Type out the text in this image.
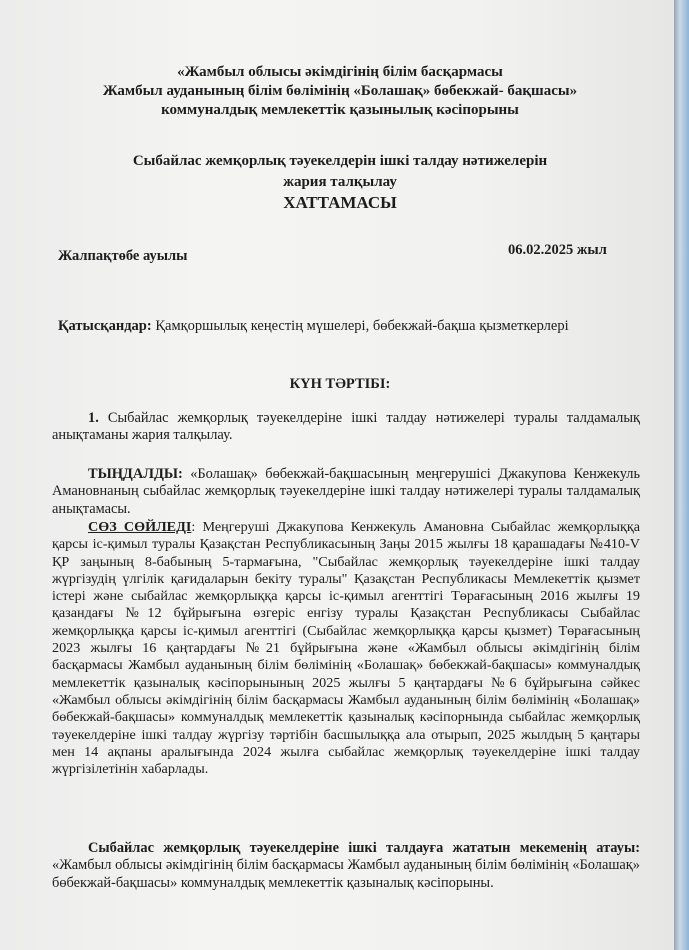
«Жамбыл облысы әкімдігінің білім басқармасы
Жамбыл ауданының білім бөлімінің «Болашақ» бөбекжай- бақшасы»
коммуналдық мемлекеттік қазынылық кәсіпорыны
Сыбайлас жемқорлық тәуекелдерін ішкі талдау нәтижелерін
жария талқылау
ХАТТАМАСЫ
Жалпақтөбе ауылы	06.02.2025 жыл
Қатысқандар: Қамқоршылық кеңестің мүшелері, бөбекжай-бақша қызметкерлері
КҮН ТӘРТІБІ:

1. Сыбайлас жемқорлық тәуекелдеріне ішкі талдау нәтижелері туралы талдамалық анықтаманы жария талқылау.

ТЫҢДАЛДЫ: «Болашақ» бөбекжай-бақшасының меңгерушісі Джакупова Кенжекуль Амановнаның сыбайлас жемқорлық тәуекелдеріне ішкі талдау нәтижелері туралы талдамалық анықтамасы.

СӨЗ СӨЙЛЕДІ: Меңгеруші Джакупова Кенжекуль Амановна Сыбайлас жемқорлыққа қарсы іс-қимыл туралы Қазақстан Республикасының Заңы 2015 жылғы 18 қарашадағы №410-V ҚР заңының 8-бабының 5-тармағына, "Сыбайлас жемқорлық тәуекелдеріне ішкі талдау жүргізудің үлгілік қағидаларын бекіту туралы" Қазақстан Республикасы Мемлекеттік қызмет істері және сыбайлас жемқорлыққа қарсы іс-қимыл агенттігі Төрағасының 2016 жылғы 19 қазандағы №12 бұйрығына өзгеріс енгізу туралы Қазақстан Республикасы Сыбайлас жемқорлыққа қарсы іс-қимыл агенттігі (Сыбайлас жемқорлыққа қарсы қызмет) Төрағасының 2023 жылғы 16 қаңтардағы №21 бұйрығына және «Жамбыл облысы әкімдігінің білім басқармасы Жамбыл ауданының білім бөлімінің «Болашақ» бөбекжай-бақшасы» коммуналдық мемлекеттік қазыналық кәсіпорынының 2025 жылғы 5 қаңтардағы №6 бұйрығына сәйкес «Жамбыл облысы әкімдігінің білім басқармасы Жамбыл ауданының білім бөлімінің «Болашақ» бөбекжай-бақшасы» коммуналдық мемлекеттік қазыналық кәсіпорнында сыбайлас жемқорлық тәуекелдеріне ішкі талдау жүргізу тәртібін басшылыққа ала отырып, 2025 жылдың 5 қаңтары мен 14 ақпаны аралығында 2024 жылға сыбайлас жемқорлық тәуекелдеріне ішкі талдау жүргізілетінін хабарлады.

Сыбайлас жемқорлық тәуекелдеріне ішкі талдауға жататын мекеменің атауы: «Жамбыл облысы әкімдігінің білім басқармасы Жамбыл ауданының білім бөлімінің «Болашақ» бөбекжай-бақшасы» коммуналдық мемлекеттік қазыналық кәсіпорыны.
